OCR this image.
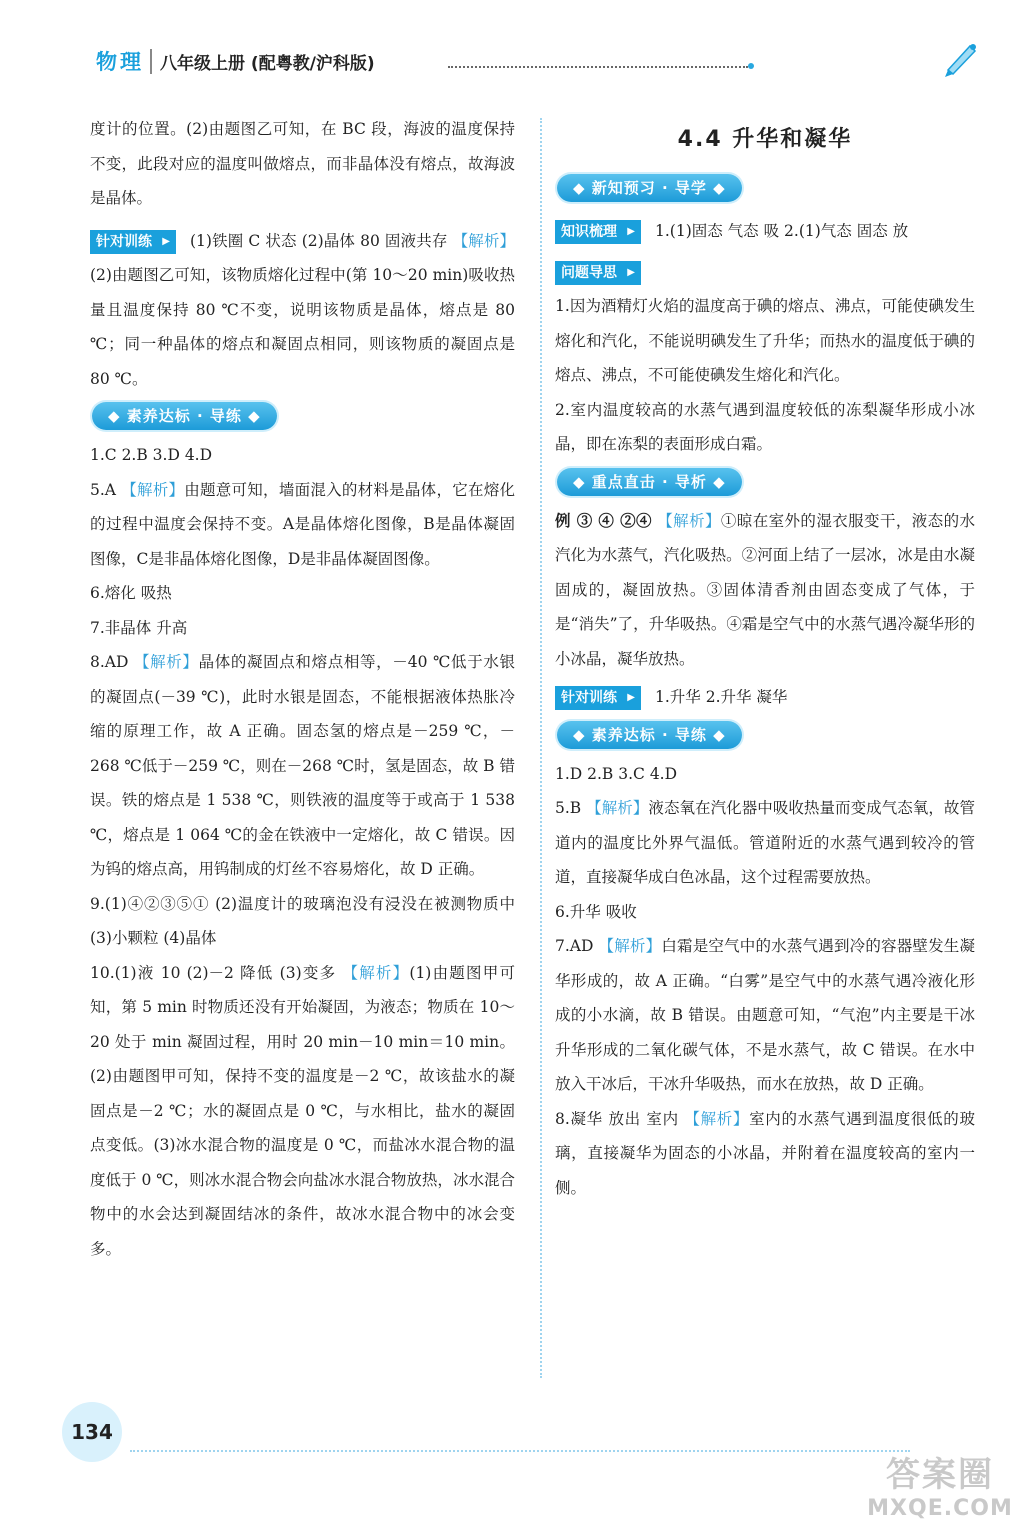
物理 八年级上册 (配粤教/沪科版)

度计的位置。(2)由题图乙可知，在 BC 段，海波的温度保持不变，此段对应的温度叫做熔点，而非晶体没有熔点，故海波是晶体。

针对训练 ▶ (1)铁圈 C 状态 (2)晶体 80 固液共存 【解析】(2)由题图乙可知，该物质熔化过程中(第 10～20 min)吸收热量且温度保持 80 ℃不变，说明该物质是晶体，熔点是 80 ℃；同一种晶体的熔点和凝固点相同，则该物质的凝固点是 80 ℃。

◆ 素养达标 · 导练 ◆

1.C 2.B 3.D 4.D

5.A 【解析】由题意可知，墙面混入的材料是晶体，它在熔化的过程中温度会保持不变。A是晶体熔化图像，B是晶体凝固图像，C是非晶体熔化图像，D是非晶体凝固图像。

6.熔化 吸热

7.非晶体 升高

8.AD 【解析】晶体的凝固点和熔点相等，－40 ℃低于水银的凝固点(－39 ℃)，此时水银是固态，不能根据液体热胀冷缩的原理工作，故 A 正确。固态氢的熔点是－259 ℃，－268 ℃低于－259 ℃，则在－268 ℃时，氢是固态，故 B 错误。铁的熔点是 1 538 ℃，则铁液的温度等于或高于 1 538 ℃，熔点是 1 064 ℃的金在铁液中一定熔化，故 C 错误。因为钨的熔点高，用钨制成的灯丝不容易熔化，故 D 正确。

9.(1)④②③⑤① (2)温度计的玻璃泡没有浸没在被测物质中 (3)小颗粒 (4)晶体

10.(1)液 10 (2)－2 降低 (3)变多 【解析】(1)由题图甲可知，第 5 min 时物质还没有开始凝固，为液态；物质在 10～20 处于 min 凝固过程，用时 20 min－10 min＝10 min。(2)由题图甲可知，保持不变的温度是－2 ℃，故该盐水的凝固点是－2 ℃；水的凝固点是 0 ℃，与水相比，盐水的凝固点变低。(3)冰水混合物的温度是 0 ℃，而盐冰水混合物的温度低于 0 ℃，则冰水混合物会向盐冰水混合物放热，冰水混合物中的水会达到凝固结冰的条件，故冰水混合物中的冰会变多。

4.4 升华和凝华
◆ 新知预习 · 导学 ◆

知识梳理 ▶ 1.(1)固态 气态 吸 2.(1)气态 固态 放

问题导思 ▶

1.因为酒精灯火焰的温度高于碘的熔点、沸点，可能使碘发生熔化和汽化，不能说明碘发生了升华；而热水的温度低于碘的熔点、沸点，不可能使碘发生熔化和汽化。

2.室内温度较高的水蒸气遇到温度较低的冻梨凝华形成小冰晶，即在冻梨的表面形成白霜。

◆ 重点直击 · 导析 ◆

例 ③ ④ ②④ 【解析】①晾在室外的湿衣服变干，液态的水汽化为水蒸气，汽化吸热。②河面上结了一层冰，冰是由水凝固成的，凝固放热。③固体清香剂由固态变成了气体，于是“消失”了，升华吸热。④霜是空气中的水蒸气遇冷凝华形的小冰晶，凝华放热。

针对训练 ▶ 1.升华 2.升华 凝华

◆ 素养达标 · 导练 ◆

1.D 2.B 3.C 4.D

5.B 【解析】液态氧在汽化器中吸收热量而变成气态氧，故管道内的温度比外界气温低。管道附近的水蒸气遇到较冷的管道，直接凝华成白色冰晶，这个过程需要放热。

6.升华 吸收

7.AD 【解析】白霜是空气中的水蒸气遇到冷的容器壁发生凝华形成的，故 A 正确。“白雾”是空气中的水蒸气遇冷液化形成的小水滴，故 B 错误。由题意可知，“气泡”内主要是干冰升华形成的二氧化碳气体，不是水蒸气，故 C 错误。在水中放入干冰后，干冰升华吸热，而水在放热，故 D 正确。

8.凝华 放出 室内 【解析】室内的水蒸气遇到温度很低的玻璃，直接凝华为固态的小冰晶，并附着在温度较高的室内一侧。

134
答案圈
MXQE.COM
